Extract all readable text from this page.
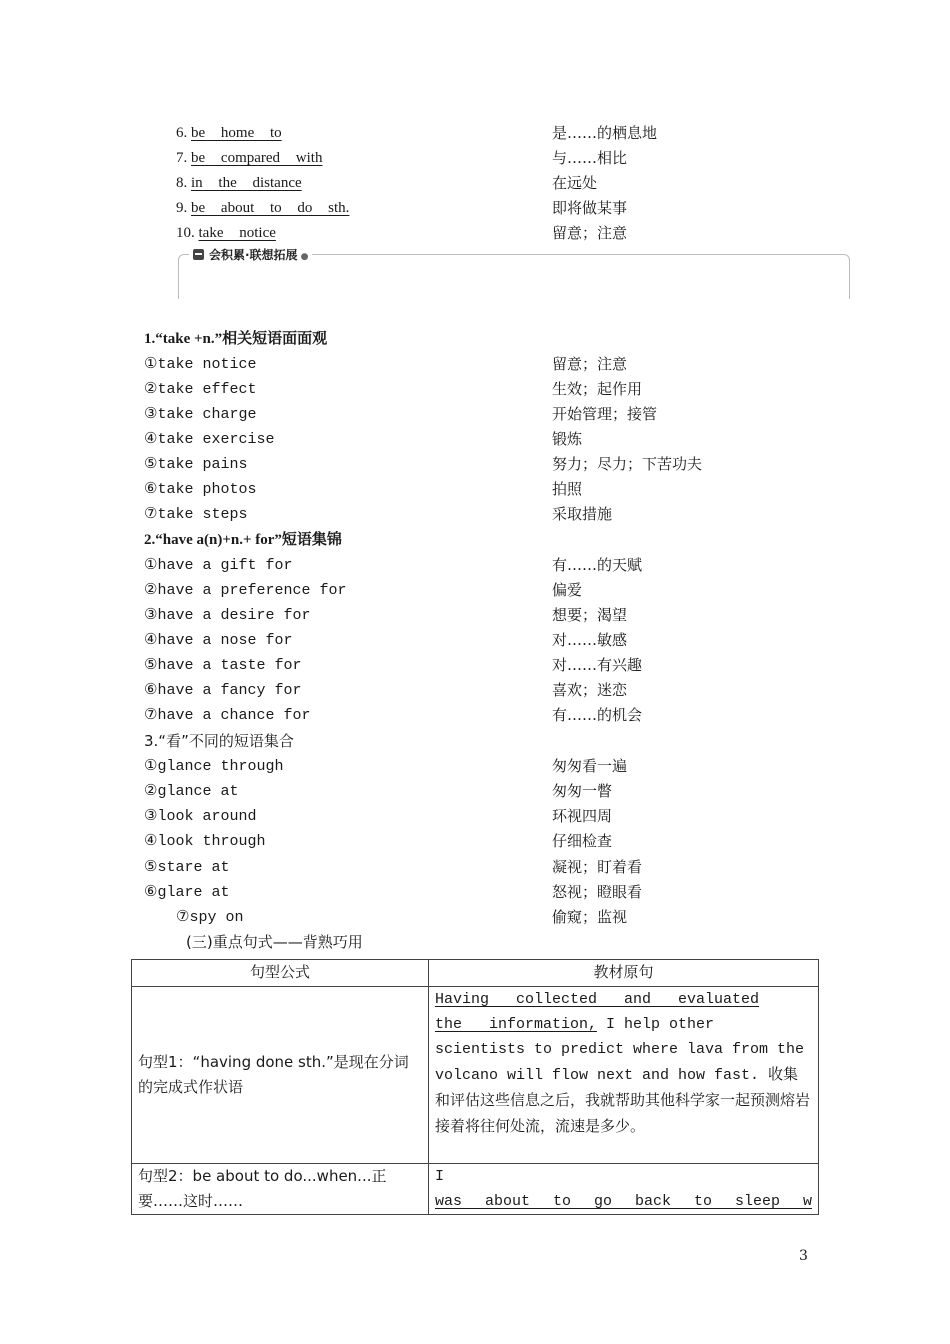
6. be home to	是……的栖息地
7. be compared with	与……相比
8. in the distance	在远处
9. be about to do sth.	即将做某事
10. take notice	留意；注意
会积累·联想拓展 ●
1.“take +n.”相关短语面面观
①take notice	留意；注意
②take effect	生效；起作用
③take charge	开始管理；接管
④take exercise	锻炼
⑤take pains	努力；尽力；下苦功夫
⑥take photos	拍照
⑦take steps	采取措施
2.“have a(n)+n.+ for”短语集锦
①have a gift for	有……的天赋
②have a preference for	偏爱
③have a desire for	想要；渴望
④have a nose for	对……敏感
⑤have a taste for	对……有兴趣
⑥have a fancy for	喜欢；迷恋
⑦have a chance for	有……的机会
3.“看”不同的短语集合
①glance through	匆匆看一遍
②glance at	匆匆一瞥
③look around	环视四周
④look through	仔细检查
⑤stare at	凝视；盯着看
⑥glare at	怒视；瞪眼看
⑦spy on	偷窥；监视
(三)重点句式——背熟巧用
句型公式	教材原句
句型1：“having done sth.”是现在分词的完成式作状语	Having collected and evaluated the information, I help other scientists to predict where lava from the volcano will flow next and how fast. 收集和评估这些信息之后，我就帮助其他科学家一起预测熔岩接着将往何处流，流速是多少。
句型2：be about to do...when...正要……这时……	I
was about to go back to sleep w
3
